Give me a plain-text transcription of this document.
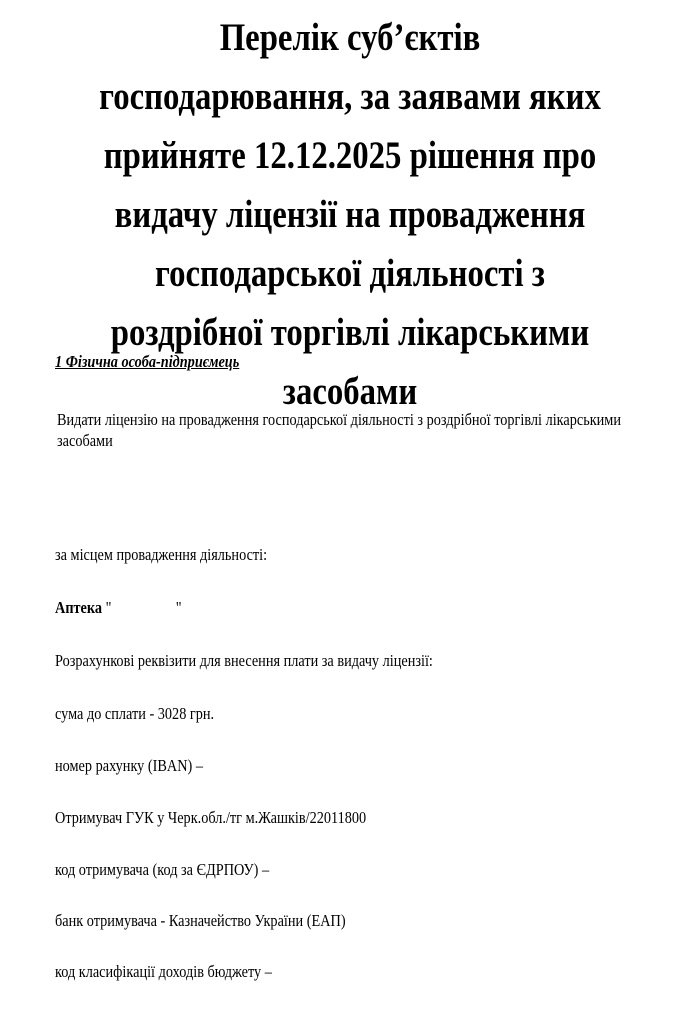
Перелік суб’єктів господарювання, за заявами яких прийняте 12.12.2025 рішення про видачу ліцензії на провадження господарської діяльності з роздрібної торгівлі лікарськими засобами

1 Фізична особа-підприємець

Видати ліцензію на провадження господарської діяльності з роздрібної торгівлі лікарськими засобами

за місцем провадження діяльності:

Аптека "	"

Розрахункові реквізити для внесення плати за видачу ліцензії:

сума до сплати - 3028 грн.

номер рахунку (IBAN) –

Отримувач ГУК у Черк.обл./тг м.Жашків/22011800

код отримувача (код за ЄДРПОУ) –

банк отримувача - Казначейство України (ЕАП)

код класифікації доходів бюджету –
